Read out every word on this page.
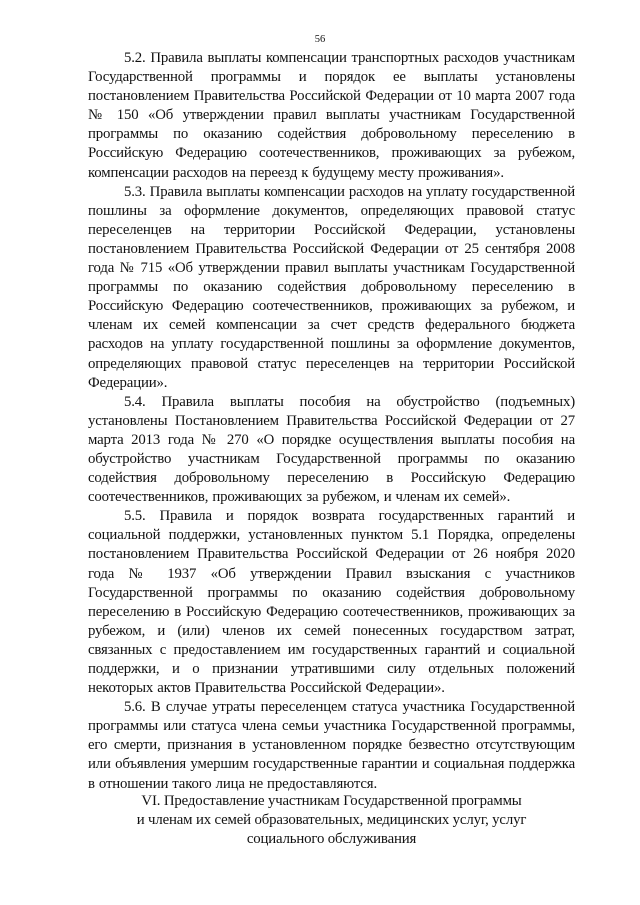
56

5.2. Правила выплаты компенсации транспортных расходов участникам Государственной программы и порядок ее выплаты установлены постановлением Правительства Российской Федерации от 10 марта 2007 года № 150 «Об утверждении правил выплаты участникам Государственной программы по оказанию содействия добровольному переселению в Российскую Федерацию соотечественников, проживающих за рубежом, компенсации расходов на переезд к будущему месту проживания».

5.3. Правила выплаты компенсации расходов на уплату государственной пошлины за оформление документов, определяющих правовой статус переселенцев на территории Российской Федерации, установлены постановлением Правительства Российской Федерации от 25 сентября 2008 года № 715 «Об утверждении правил выплаты участникам Государственной программы по оказанию содействия добровольному переселению в Российскую Федерацию соотечественников, проживающих за рубежом, и членам их семей компенсации за счет средств федерального бюджета расходов на уплату государственной пошлины за оформление документов, определяющих правовой статус переселенцев на территории Российской Федерации».

5.4. Правила выплаты пособия на обустройство (подъемных) установлены Постановлением Правительства Российской Федерации от 27 марта 2013 года № 270 «О порядке осуществления выплаты пособия на обустройство участникам Государственной программы по оказанию содействия добровольному переселению в Российскую Федерацию соотечественников, проживающих за рубежом, и членам их семей».

5.5. Правила и порядок возврата государственных гарантий и социальной поддержки, установленных пунктом 5.1 Порядка, определены постановлением Правительства Российской Федерации от 26 ноября 2020 года № 1937 «Об утверждении Правил взыскания с участников Государственной программы по оказанию содействия добровольному переселению в Российскую Федерацию соотечественников, проживающих за рубежом, и (или) членов их семей понесенных государством затрат, связанных с предоставлением им государственных гарантий и социальной поддержки, и о признании утратившими силу отдельных положений некоторых актов Правительства Российской Федерации».

5.6. В случае утраты переселенцем статуса участника Государственной программы или статуса члена семьи участника Государственной программы, его смерти, признания в установленном порядке безвестно отсутствующим или объявления умершим государственные гарантии и социальная поддержка в отношении такого лица не предоставляются.

VI. Предоставление участникам Государственной программы
и членам их семей образовательных, медицинских услуг, услуг
социального обслуживания
